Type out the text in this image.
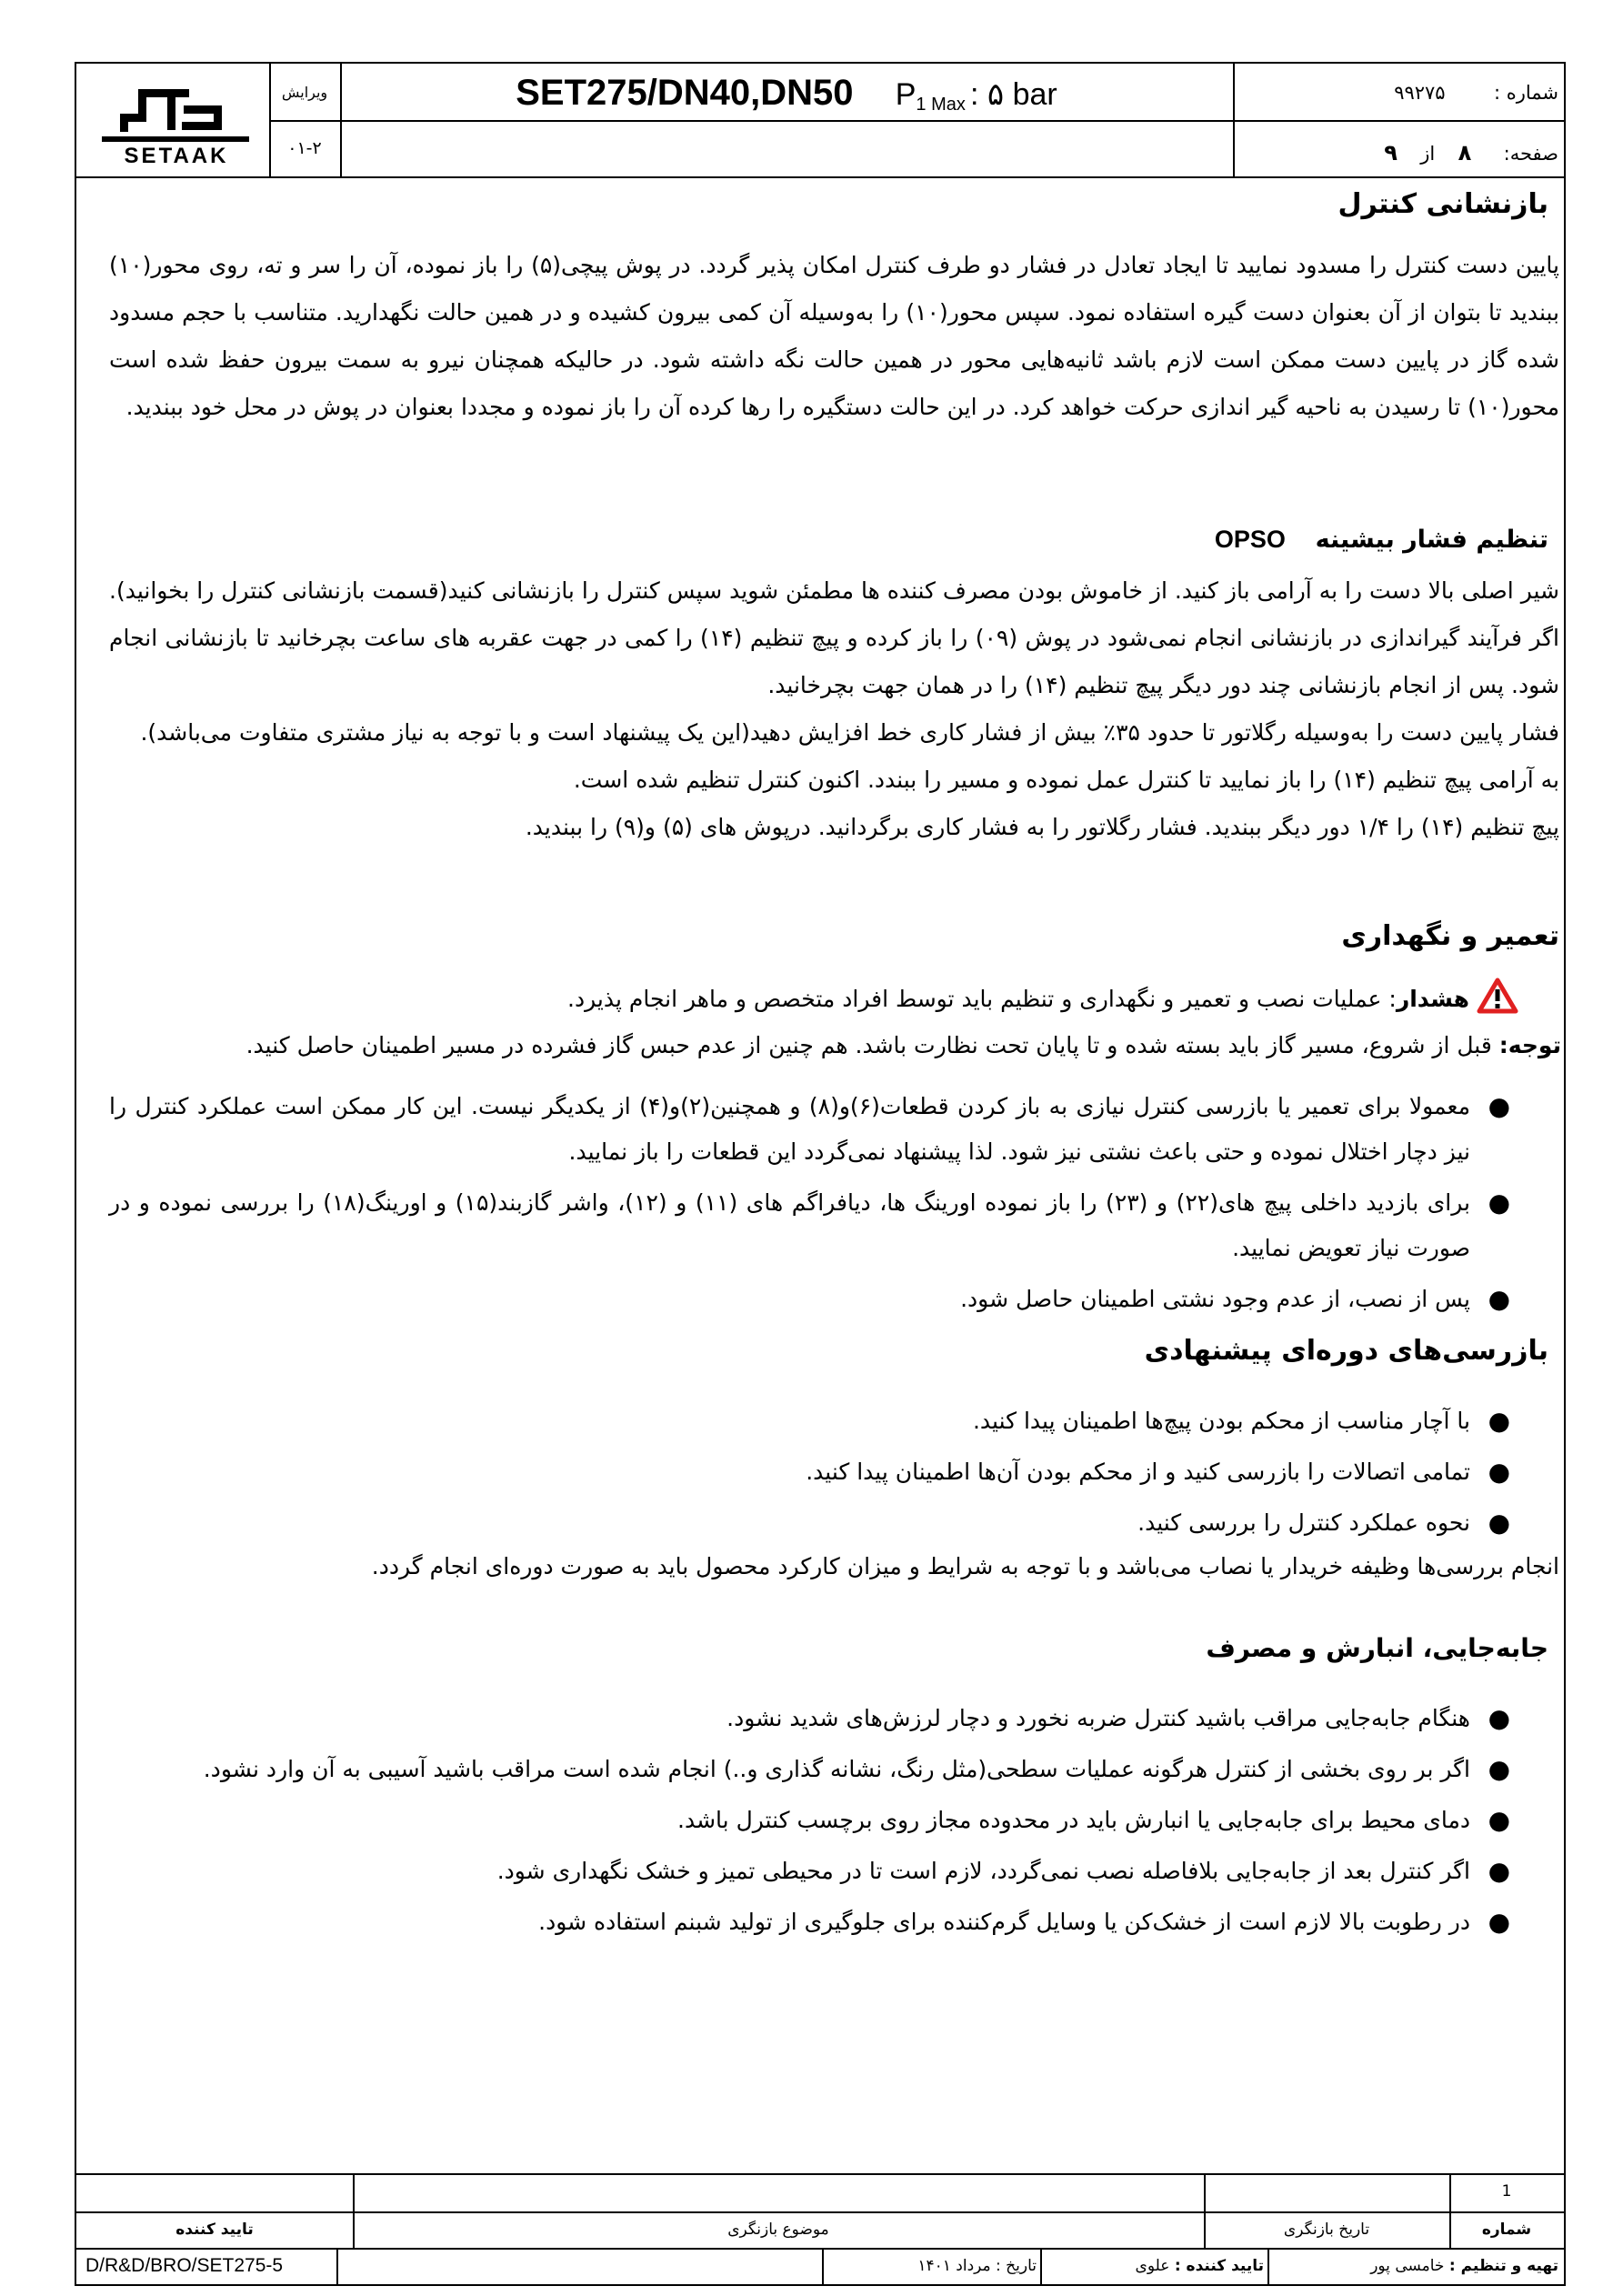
SETAAK
ویرایش
۰۱-۲
SET275/DN40,DN50 P1 Max : ۵ bar	شماره :  ۹۹۲۷۵
صفحه:  ۸  از  ۹
بازنشانی کنترل

پایین دست کنترل را مسدود نمایید تا ایجاد تعادل در فشار دو طرف کنترل امکان پذیر گردد. در پوش پیچی(۵) را باز نموده، آن را سر و ته، روی محور(۱۰) ببندید تا بتوان از آن بعنوان دست گیره استفاده نمود. سپس محور(۱۰) را به‌وسیله آن کمی بیرون کشیده و در همین حالت نگهدارید. متناسب با حجم مسدود شده گاز در پایین دست ممکن است لازم باشد ثانیه‌هایی محور در همین حالت نگه داشته شود. در حالیکه همچنان نیرو به سمت بیرون حفظ شده است محور(۱۰) تا رسیدن به ناحیه گیر اندازی حرکت خواهد کرد. در این حالت دستگیره را رها کرده آن را باز نموده و مجددا بعنوان در پوش در محل خود ببندید.

تنظیم فشار بیشینه  OPSO

شیر اصلی بالا دست را به آرامی باز کنید. از خاموش بودن مصرف کننده ها مطمئن شوید سپس کنترل را بازنشانی کنید(قسمت بازنشانی کنترل را بخوانید). اگر فرآیند گیراندازی در بازنشانی انجام نمی‌شود در پوش (۰۹) را باز کرده و پیچ تنظیم (۱۴) را کمی در جهت عقربه های ساعت بچرخانید تا بازنشانی انجام شود. پس از انجام بازنشانی چند دور دیگر پیچ تنظیم (۱۴) را در همان جهت بچرخانید.

فشار پایین دست را به‌وسیله رگلاتور تا حدود ۳۵٪ بیش از فشار کاری خط افزایش دهید(این یک پیشنهاد است و با توجه به نیاز مشتری متفاوت می‌باشد).

به آرامی پیچ تنظیم (۱۴) را باز نمایید تا کنترل عمل نموده و مسیر را ببندد. اکنون کنترل تنظیم شده است.

پیچ تنظیم (۱۴) را ۱/۴ دور دیگر ببندید. فشار رگلاتور را به فشار کاری برگردانید. درپوش های (۵) و(۹) را ببندید.

تعمیر و نگهداری
هشدار: عملیات نصب و تعمیر و نگهداری و تنظیم باید توسط افراد متخصص و ماهر انجام پذیرد.
توجه: قبل از شروع، مسیر گاز باید بسته شده و تا پایان تحت نظارت باشد. هم چنین از عدم حبس گاز فشرده در مسیر اطمینان حاصل کنید.
●
معمولا برای تعمیر یا بازرسی کنترل نیازی به باز کردن قطعات(۶)و(۸) و همچنین(۲)و(۴) از یکدیگر نیست. این کار ممکن است عملکرد کنترل را نیز دچار اختلال نموده و حتی باعث نشتی نیز شود. لذا پیشنهاد نمی‌گردد این قطعات را باز نمایید.
●
برای بازدید داخلی پیچ های(۲۲) و (۲۳) را باز نموده اورینگ ها، دیافراگم های (۱۱) و (۱۲)، واشر گازبند(۱۵) و اورینگ(۱۸) را بررسی نموده و در صورت نیاز تعویض نمایید.
●
پس از نصب، از عدم وجود نشتی اطمینان حاصل شود.
بازرسی‌های دوره‌ای پیشنهادی
●
با آچار مناسب از محکم بودن پیچ‌ها اطمینان پیدا کنید.
●
تمامی اتصالات را بازرسی کنید و از محکم بودن آن‌ها اطمینان پیدا کنید.
●
نحوه عملکرد کنترل را بررسی کنید.
انجام بررسی‌ها وظیفه خریدار یا نصاب می‌باشد و با توجه به شرایط و میزان کارکرد محصول باید به صورت دوره‌ای انجام گردد.
جابه‌جایی، انبارش و مصرف
●
هنگام جابه‌جایی مراقب باشید کنترل ضربه نخورد و دچار لرزش‌های شدید نشود.
●
اگر بر روی بخشی از کنترل هرگونه عملیات سطحی(مثل رنگ، نشانه گذاری و..) انجام شده است مراقب باشید آسیبی به آن وارد نشود.
●
دمای محیط برای جابه‌جایی یا انبارش باید در محدوده مجاز روی برچسب کنترل باشد.
●
اگر کنترل بعد از جابه‌جایی بلافاصله نصب نمی‌گردد، لازم است تا در محیطی تمیز و خشک نگهداری شود.
●
در رطوبت بالا لازم است از خشک‌کن یا وسایل گرم‌کننده برای جلوگیری از تولید شبنم استفاده شود.
1
شماره
تاریخ بازنگری
موضوع بازنگری
تایید کننده
تهیه و تنظیم : خامسی پور
تایید کننده : علوی
تاریخ : مرداد ۱۴۰۱
D/R&D/BRO/SET275-5
